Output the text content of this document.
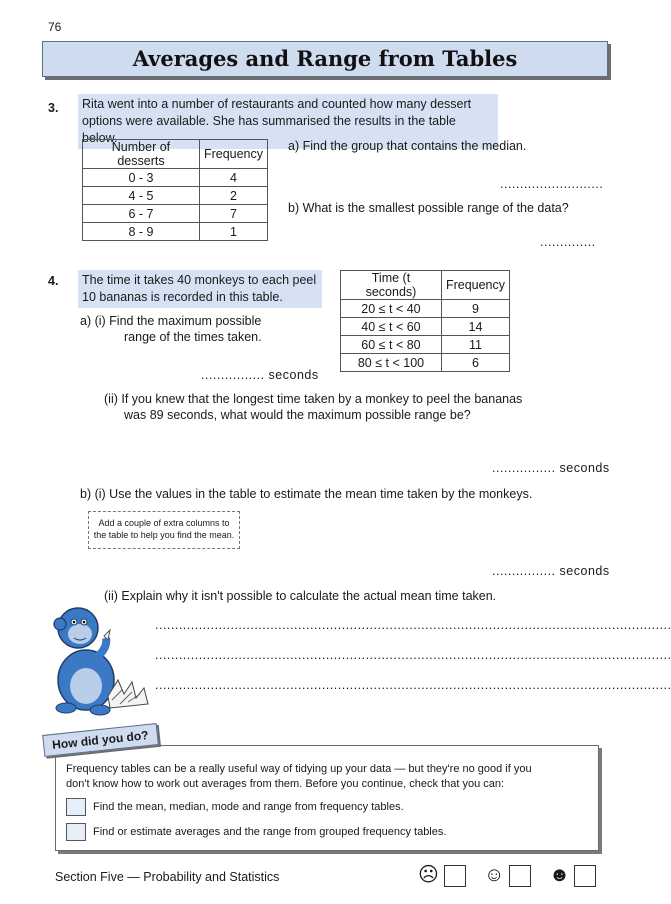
76
Averages and Range from Tables
3. Rita went into a number of restaurants and counted how many dessert
options were available. She has summarised the results in the table below.
Number of desserts	Frequency
0 - 3	4
4 - 5	2
6 - 7	7
8 - 9	1
a) Find the group that contains the median.
..........................
b) What is the smallest possible range of the data?
..............
4. The time it takes 40 monkeys to each peel
10 bananas is recorded in this table.
Time (t seconds)	Frequency
20 ≤ t < 40	9
40 ≤ t < 60	14
60 ≤ t < 80	11
80 ≤ t < 100	6
a) (i) Find the maximum possible
range of the times taken.
................ seconds
(ii) If you knew that the longest time taken by a monkey to peel the bananas
was 89 seconds, what would the maximum possible range be?
................ seconds
b) (i) Use the values in the table to estimate the mean time taken by the monkeys.
Add a couple of extra columns to
the table to help you find the mean.
................ seconds
(ii) Explain why it isn't possible to calculate the actual mean time taken.
..................................................................................................................................
..................................................................................................................................
..................................................................................................................................
How did you do?
Frequency tables can be a really useful way of tidying up your data — but they're no good if you
don't know how to work out averages from them. Before you continue, check that you can:
Find the mean, median, mode and range from frequency tables.
Find or estimate averages and the range from grouped frequency tables.
Section Five — Probability and Statistics	☹ ☺ ☻
